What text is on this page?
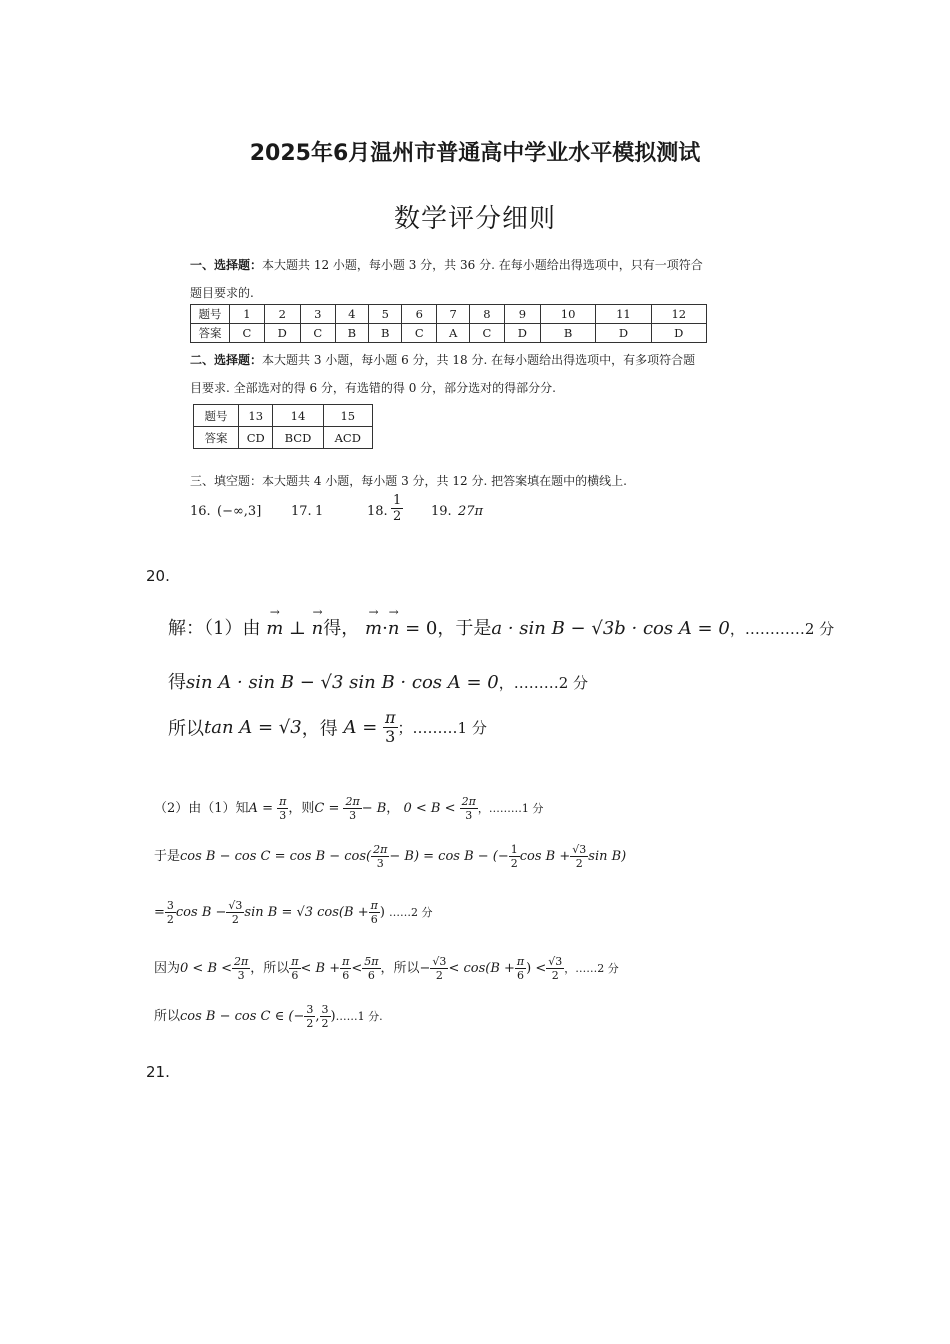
2025年6月温州市普通高中学业水平模拟测试
数学评分细则
一、选择题：本大题共 12 小题，每小题 3 分，共 36 分. 在每小题给出得选项中，只有一项符合
题目要求的.
题号	1	2	3	4	5	6	7	8	9	10	11	12
答案	C	D	C	B	B	C	A	C	D	B	D	D
二、选择题：本大题共 3 小题，每小题 6 分，共 18 分. 在每小题给出得选项中，有多项符合题
目要求. 全部选对的得 6 分，有选错的得 0 分，部分选对的得部分分.
题号	13	14	15
答案	CD	BCD	ACD
三、填空题：本大题共 4 小题，每小题 3 分，共 12 分. 把答案填在题中的横线上.
16. (−∞,3] 17. 1	18. $\frac{1}{2} 19$. 27π
20.
解：（1）由 → m ⊥ → n得， → m·→ n = 0，于是a · sin B − √3b · cos A = 0，…………2 分
得sin A · sin B − √3 sin B · cos A = 0，………2 分
所以tan A = √3，得 $A = \frac{\pi}{3}$ ；………1 分
（2）由（1）知$A = \frac{\pi}{3}$ ，则$C = \frac{2\pi}{3} - B$， $0 < B < \frac{2\pi}{3}$ ，………1 分
于是$\cos B - \cos C = \cos B - \cos( \frac{2\pi}{3} - B) = \cos B$ − (− $\frac{1}{2}$ $\cos B + \frac{√3}{2}$ sin B)
= $\frac{3}{2}$ $\cos B - \frac{√3}{2}$ sin B = √3 $\cos(B + \frac{\pi}{6}$ ) ……2 分
因为$0 < B < \frac{2\pi}{3}$ ，所以 $\frac{\pi}{6} < B + \frac{\pi}{6} < \frac{5\pi}{6}$ ，所以− $\frac{√3}{2} < \cos(B + \frac{\pi}{6}$ ) < $\frac{√3}{2}$ ，……2 分
所以cos B − cos C ∈ (− $\frac{3}{2}$ , $\frac{3}{2}$ )……1 分.
21.
